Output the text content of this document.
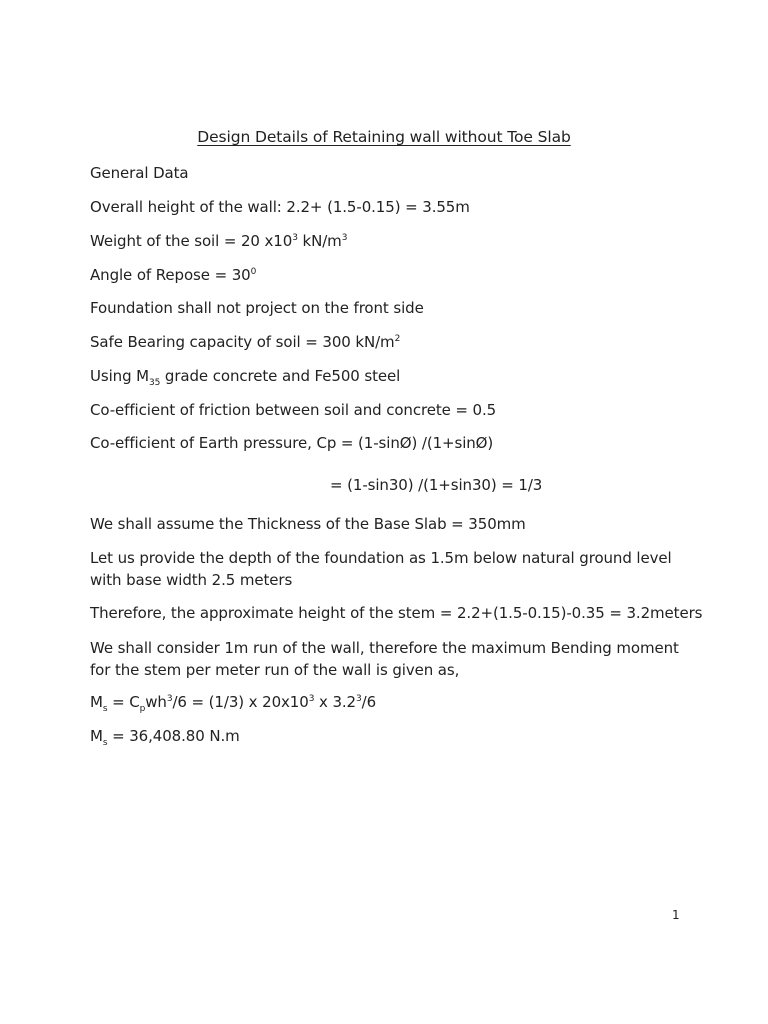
Design Details of Retaining wall without Toe Slab
General Data
Overall height of the wall: 2.2+ (1.5-0.15) = 3.55m
Weight of the soil = 20 $x10^3$ $kN/m^3$
Angle of Repose = $30^0$
Foundation shall not project on the front side
Safe Bearing capacity of soil = 300 $kN/m^2$
Using $M_{35}$ grade concrete and Fe500 steel
Co-efficient of friction between soil and concrete = 0.5
Co-efficient of Earth pressure, Cp = (1-sinØ) /(1+sinØ)
= (1-sin30) /(1+sin30) = 1/3
We shall assume the Thickness of the Base Slab = 350mm
Let us provide the depth of the foundation as 1.5m below natural ground level with base width 2.5 meters
Therefore, the approximate height of the stem = 2.2+(1.5-0.15)-0.35 = 3.2meters
We shall consider 1m run of the wall, therefore the maximum Bending moment for the stem per meter run of the wall is given as,
$M_s = C_pwh^3/6 = (1/3)$ x $20x10^3$ x $3.2^3/6$
$M_s = 36,408.80$ N.m
1
